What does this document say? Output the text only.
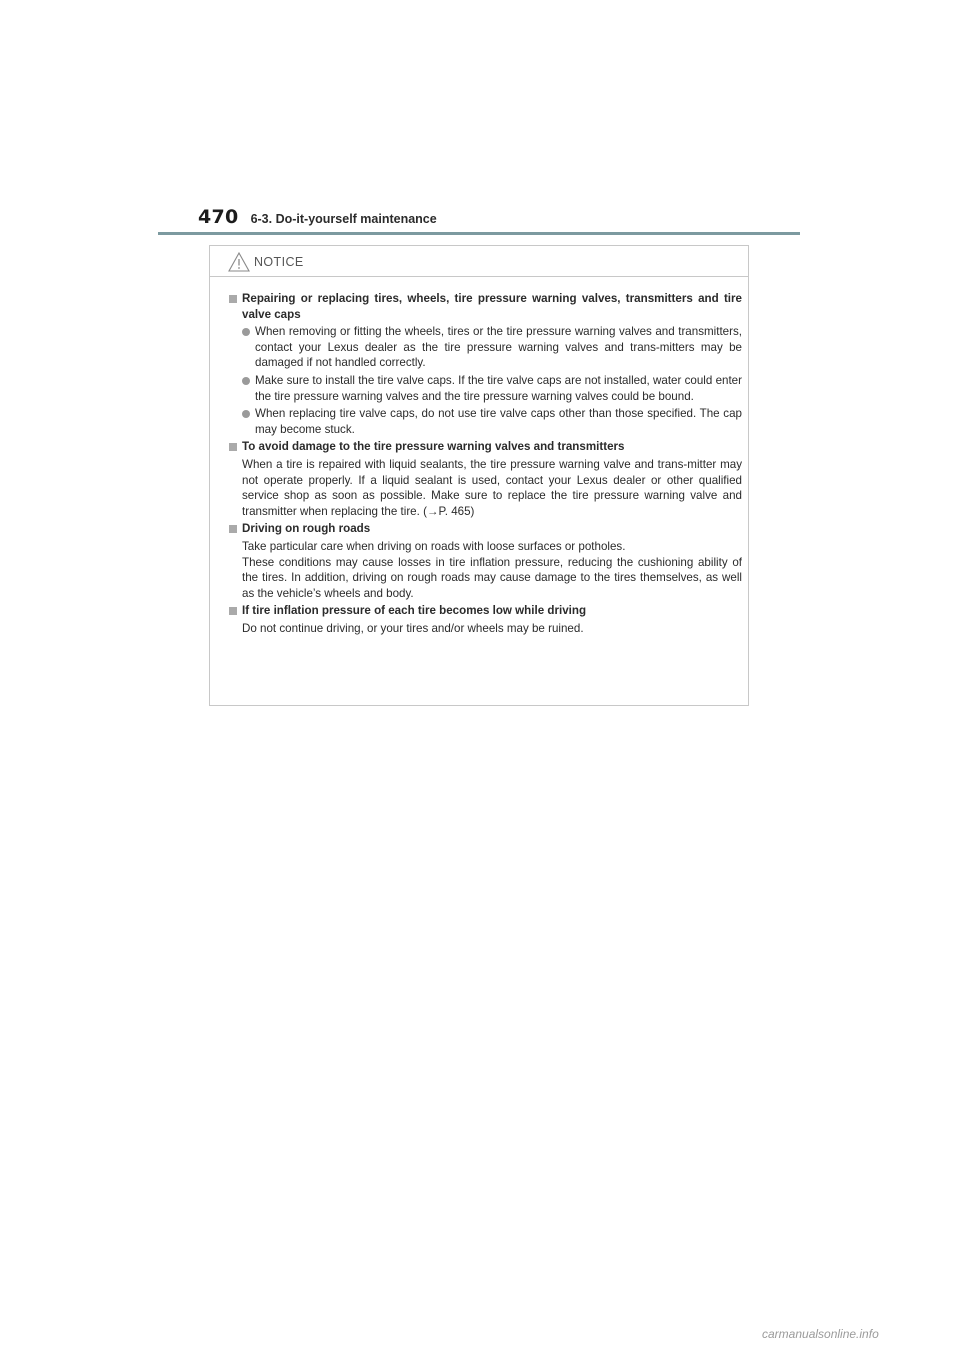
470 6-3. Do-it-yourself maintenance
NOTICE
Repairing or replacing tires, wheels, tire pressure warning valves, transmitters and tire valve caps
When removing or fitting the wheels, tires or the tire pressure warning valves and transmitters, contact your Lexus dealer as the tire pressure warning valves and trans-mitters may be damaged if not handled correctly.
Make sure to install the tire valve caps. If the tire valve caps are not installed, water could enter the tire pressure warning valves and the tire pressure warning valves could be bound.
When replacing tire valve caps, do not use tire valve caps other than those specified. The cap may become stuck.
To avoid damage to the tire pressure warning valves and transmitters
When a tire is repaired with liquid sealants, the tire pressure warning valve and trans-mitter may not operate properly. If a liquid sealant is used, contact your Lexus dealer or other qualified service shop as soon as possible. Make sure to replace the tire pressure warning valve and transmitter when replacing the tire. (→P. 465)
Driving on rough roads
Take particular care when driving on roads with loose surfaces or potholes.
These conditions may cause losses in tire inflation pressure, reducing the cushioning ability of the tires. In addition, driving on rough roads may cause damage to the tires themselves, as well as the vehicle’s wheels and body.
If tire inflation pressure of each tire becomes low while driving
Do not continue driving, or your tires and/or wheels may be ruined.
carmanualsonline.info
